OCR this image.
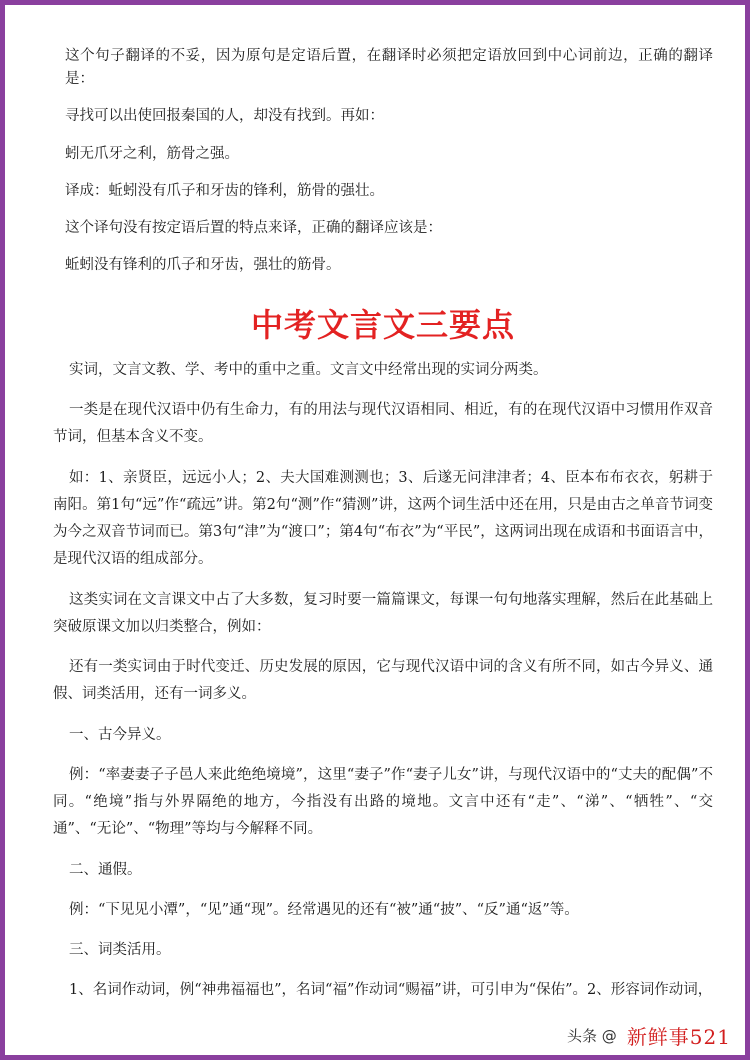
这个句子翻译的不妥，因为原句是定语后置，在翻译时必须把定语放回到中心词前边，正确的翻译是：

寻找可以出使回报秦国的人，却没有找到。再如：

蚓无爪牙之利，筋骨之强。

译成：蚯蚓没有爪子和牙齿的锋利，筋骨的强壮。

这个译句没有按定语后置的特点来译，正确的翻译应该是：

蚯蚓没有锋利的爪子和牙齿，强壮的筋骨。

中考文言文三要点

实词，文言文教、学、考中的重中之重。文言文中经常出现的实词分两类。

一类是在现代汉语中仍有生命力，有的用法与现代汉语相同、相近，有的在现代汉语中习惯用作双音节词，但基本含义不变。

如：1、亲贤臣，远远小人；2、夫大国难测测也；3、后遂无问津津者；4、臣本布布衣衣，躬耕于南阳。第1句“远”作“疏远”讲。第2句“测”作“猜测”讲，这两个词生活中还在用，只是由古之单音节词变为今之双音节词而已。第3句“津”为“渡口”；第4句“布衣”为“平民”，这两词出现在成语和书面语言中，是现代汉语的组成部分。

这类实词在文言课文中占了大多数，复习时要一篇篇课文，每课一句句地落实理解，然后在此基础上突破原课文加以归类整合，例如：

还有一类实词由于时代变迁、历史发展的原因，它与现代汉语中词的含义有所不同，如古今异义、通假、词类活用，还有一词多义。

一、古今异义。

例：“率妻妻子子邑人来此绝绝境境”，这里“妻子”作“妻子儿女”讲，与现代汉语中的“丈夫的配偶”不同。“绝境”指与外界隔绝的地方，今指没有出路的境地。文言中还有“走”、“涕”、“牺牲”、“交通”、“无论”、“物理”等均与今解释不同。

二、通假。

例：“下见见小潭”，“见”通“现”。经常遇见的还有“被”通“披”、“反”通“返”等。

三、词类活用。

1、名词作动词，例“神弗福福也”，名词“福”作动词“赐福”讲，可引申为“保佑”。2、形容词作动词，

头条 @ 新鲜事521
